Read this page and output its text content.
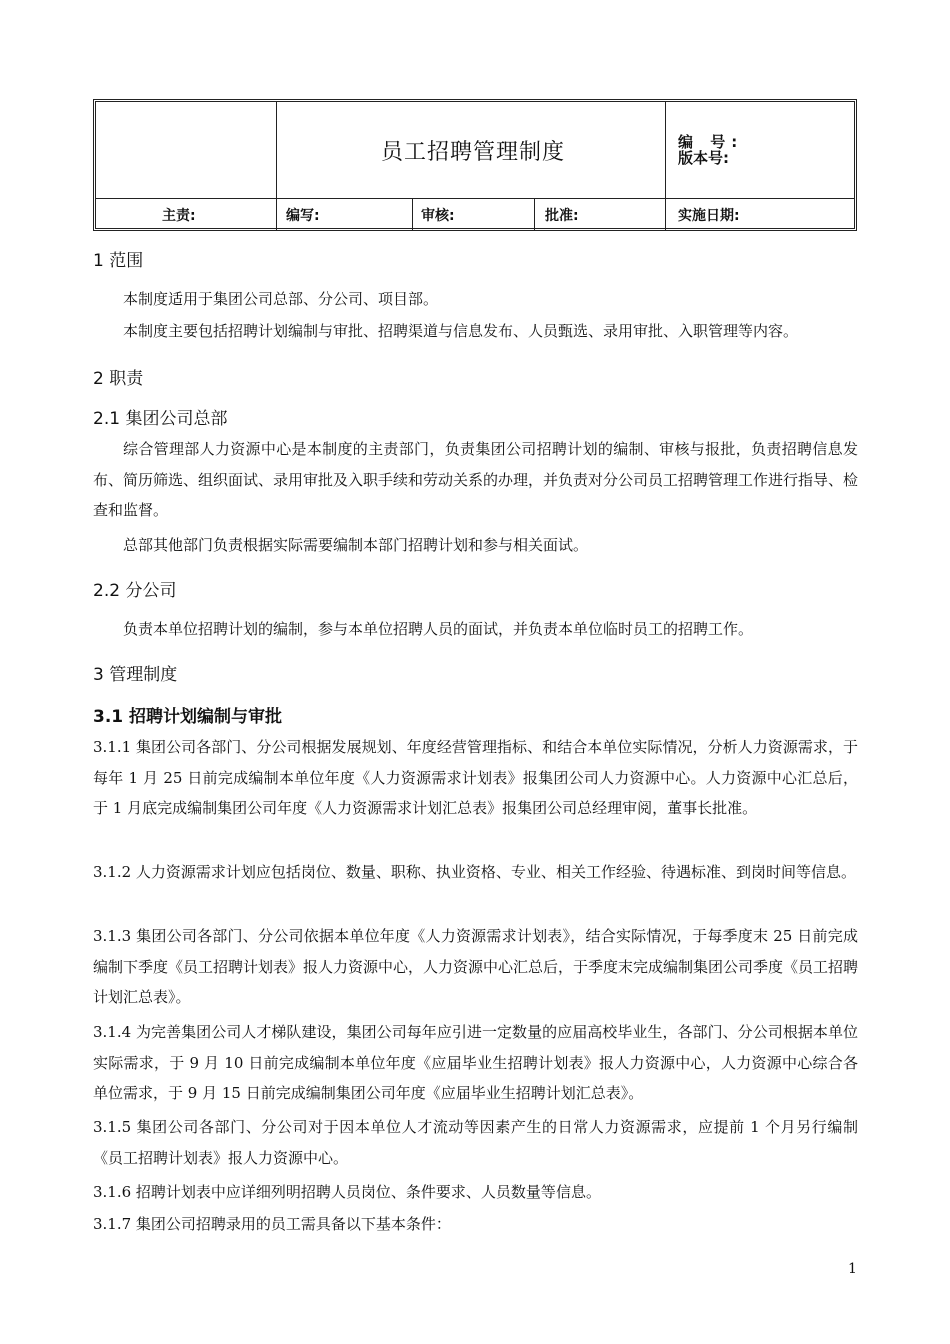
员工招聘管理制度	编 号:
版本号:
主责:	编写:	审核:	批准:	实施日期:
1 范围

本制度适用于集团公司总部、分公司、项目部。

本制度主要包括招聘计划编制与审批、招聘渠道与信息发布、人员甄选、录用审批、入职管理等内容。

2 职责
2.1 集团公司总部

综合管理部人力资源中心是本制度的主责部门，负责集团公司招聘计划的编制、审核与报批，负责招聘信息发布、简历筛选、组织面试、录用审批及入职手续和劳动关系的办理，并负责对分公司员工招聘管理工作进行指导、检查和监督。

总部其他部门负责根据实际需要编制本部门招聘计划和参与相关面试。

2.2 分公司

负责本单位招聘计划的编制，参与本单位招聘人员的面试，并负责本单位临时员工的招聘工作。

3 管理制度
3.1 招聘计划编制与审批

3.1.1 集团公司各部门、分公司根据发展规划、年度经营管理指标、和结合本单位实际情况，分析人力资源需求，于每年 1 月 25 日前完成编制本单位年度《人力资源需求计划表》报集团公司人力资源中心。人力资源中心汇总后，于 1 月底完成编制集团公司年度《人力资源需求计划汇总表》报集团公司总经理审阅，董事长批准。

3.1.2 人力资源需求计划应包括岗位、数量、职称、执业资格、专业、相关工作经验、待遇标准、到岗时间等信息。

3.1.3 集团公司各部门、分公司依据本单位年度《人力资源需求计划表》，结合实际情况，于每季度末 25 日前完成编制下季度《员工招聘计划表》报人力资源中心，人力资源中心汇总后，于季度末完成编制集团公司季度《员工招聘计划汇总表》。

3.1.4 为完善集团公司人才梯队建设，集团公司每年应引进一定数量的应届高校毕业生，各部门、分公司根据本单位实际需求，于 9 月 10 日前完成编制本单位年度《应届毕业生招聘计划表》报人力资源中心，人力资源中心综合各单位需求，于 9 月 15 日前完成编制集团公司年度《应届毕业生招聘计划汇总表》。

3.1.5 集团公司各部门、分公司对于因本单位人才流动等因素产生的日常人力资源需求，应提前 1 个月另行编制《员工招聘计划表》报人力资源中心。

3.1.6 招聘计划表中应详细列明招聘人员岗位、条件要求、人员数量等信息。

3.1.7 集团公司招聘录用的员工需具备以下基本条件：

1
